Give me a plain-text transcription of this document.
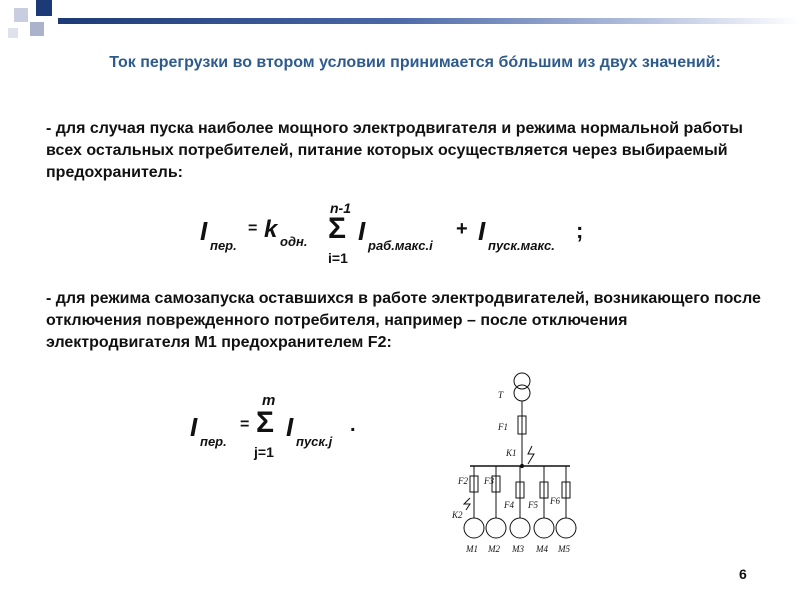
Ток перегрузки во втором условии принимается бóльшим из двух значений:
- для случая пуска наиболее мощного электродвигателя и режима нормальной работы всех остальных потребителей, питание которых осуществляется через выбираемый предохранитель:
I пер.
= k одн.
n-1
Σ
i=1
I раб.макс.i
+ I пуск.макс.
;
- для режима самозапуска оставшихся в работе электродвигателей, возникающего после отключения поврежденного потребителя, например – после отключения электродвигателя М1 предохранителем F2:
I пер.
=
m
Σ
j=1
I пуск.j
.
T
F1
K1
F2
K2
F3
F4 F5 F6
M1 M2 M3 M4 M5
6
